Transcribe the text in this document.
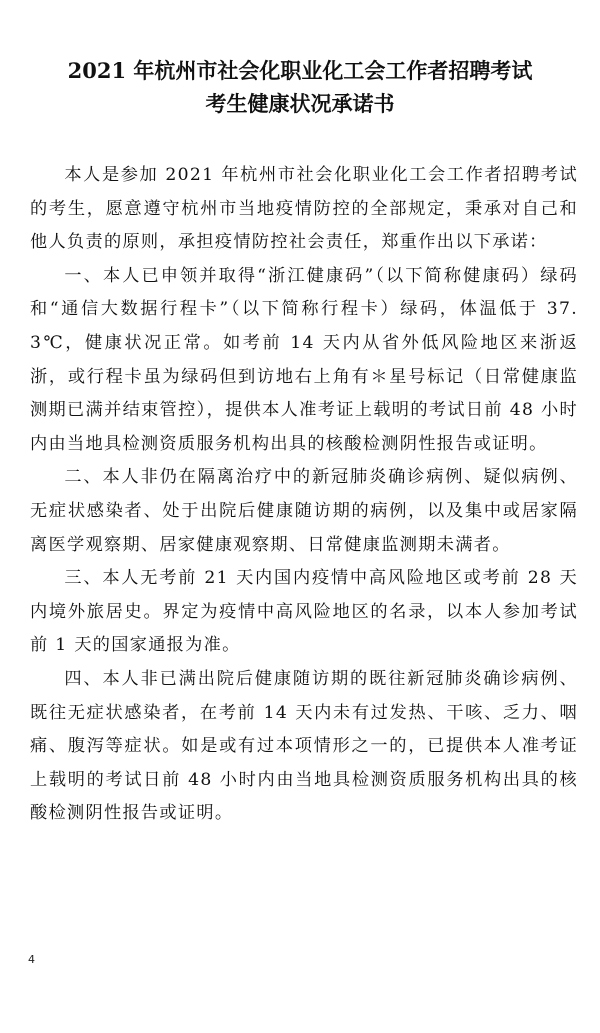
2021 年杭州市社会化职业化工会工作者招聘考试
考生健康状况承诺书

本人是参加 2021 年杭州市社会化职业化工会工作者招聘考试的考生，愿意遵守杭州市当地疫情防控的全部规定，秉承对自己和他人负责的原则，承担疫情防控社会责任，郑重作出以下承诺：

一、本人已申领并取得“浙江健康码”（以下简称健康码）绿码和“通信大数据行程卡”（以下简称行程卡）绿码，体温低于 37.3℃，健康状况正常。如考前 14 天内从省外低风险地区来浙返浙，或行程卡虽为绿码但到访地右上角有＊星号标记（日常健康监测期已满并结束管控），提供本人准考证上载明的考试日前 48 小时内由当地具检测资质服务机构出具的核酸检测阴性报告或证明。

二、本人非仍在隔离治疗中的新冠肺炎确诊病例、疑似病例、无症状感染者、处于出院后健康随访期的病例，以及集中或居家隔离医学观察期、居家健康观察期、日常健康监测期未满者。

三、本人无考前 21 天内国内疫情中高风险地区或考前 28 天内境外旅居史。界定为疫情中高风险地区的名录，以本人参加考试前 1 天的国家通报为准。

四、本人非已满出院后健康随访期的既往新冠肺炎确诊病例、既往无症状感染者，在考前 14 天内未有过发热、干咳、乏力、咽痛、腹泻等症状。如是或有过本项情形之一的，已提供本人准考证上载明的考试日前 48 小时内由当地具检测资质服务机构出具的核酸检测阴性报告或证明。

4
